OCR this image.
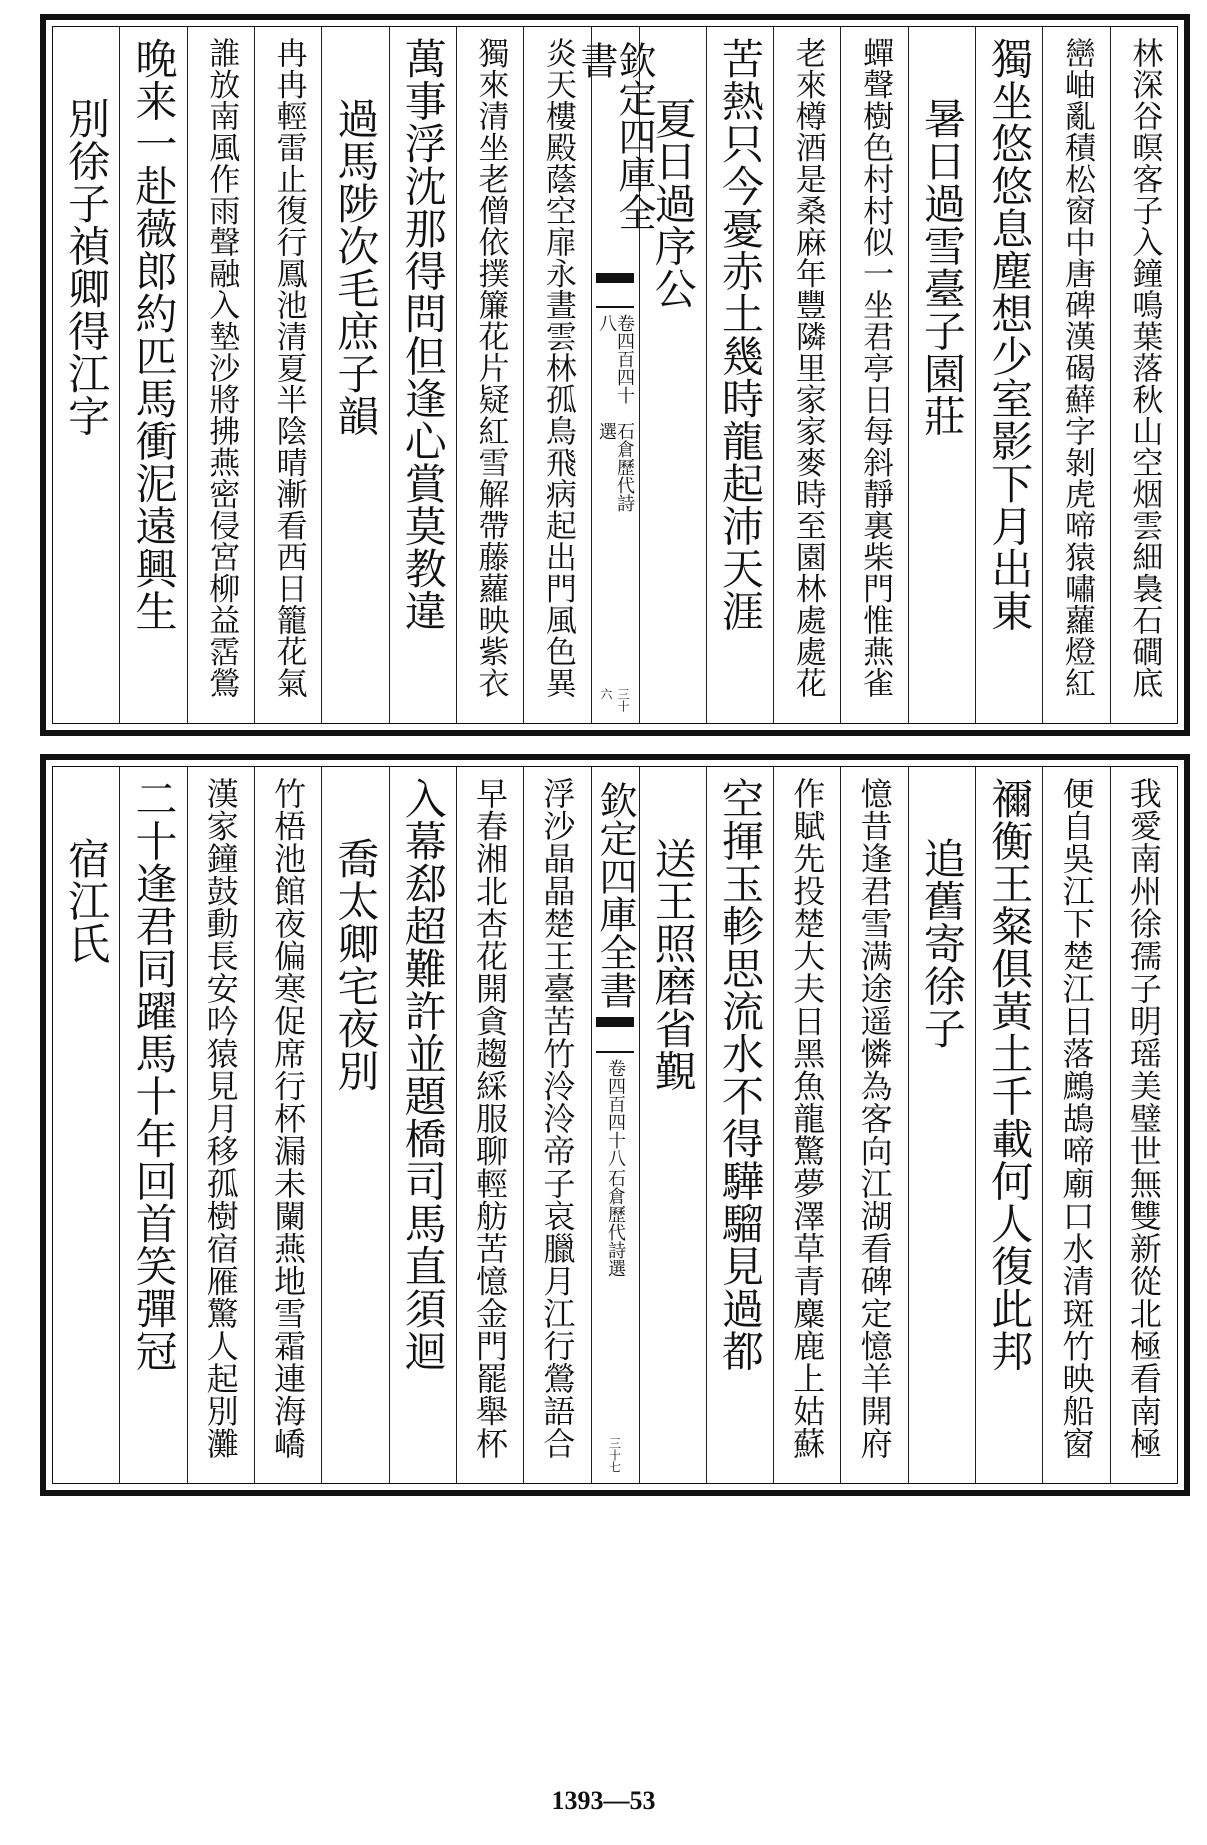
林深谷暝客子入鐘鳴葉落秋山空烟雲細裊石磵底
巒岫亂積松窗中唐碑漢碣蘚字剝虎啼猿嘯蘿燈紅
獨坐悠悠息塵想少室影下月出東
暑日過雪臺子園莊
蟬聲樹色村村似一坐君亭日每斜靜裏柴門惟燕雀
老來樽酒是桑麻年豐隣里家家麥時至園林處處花
苦熱只今憂赤土幾時龍起沛天涯
夏日過序公
欽定四庫全書
石倉歷代詩選
卷四百四十八
三十六
炎天樓殿蔭空扉永晝雲林孤鳥飛病起出門風色異
獨來清坐老僧依撲簾花片疑紅雪解帶藤蘿映紫衣
萬事浮沈那得問但逢心賞莫教違
過馬陟次毛庶子韻
冉冉輕雷止復行鳳池清夏半陰晴漸看西日籠花氣
誰放南風作雨聲融入墊沙將拂燕密侵宮柳益霑鶯
晚来一赴薇郎約匹馬衝泥遠興生
別徐子禎卿得江字
我愛南州徐孺子明瑶美璧世無雙新從北極看南極
便自吳江下楚江日落鷓鴣啼廟口水清斑竹映船窗
禰衡王粲俱黃土千載何人復此邦
追舊寄徐子
憶昔逢君雪满途遥憐為客向江湖看碑定憶羊開府
作賦先投楚大夫日黑魚龍驚夢澤草青麋鹿上姑蘇
空揮玉軫思流水不得驊騮見過都
送王照磨省覲
欽定四庫全書
石倉歷代詩選
卷四百四十八
三十七
浮沙晶晶楚王臺苦竹泠泠帝子哀臘月江行鶯語合
早春湘北杏花開貪趨綵服聊輕舫苦憶金門罷舉杯
入幕郄超難許並題橋司馬直須迴
喬太卿宅夜別
竹梧池館夜偏寒促席行杯漏未闌燕地雪霜連海嶠
漢家鐘鼓動長安吟猿見月移孤樹宿雁驚人起別灘
二十逢君同躍馬十年回首笑彈冠
宿江氏
1393—53
